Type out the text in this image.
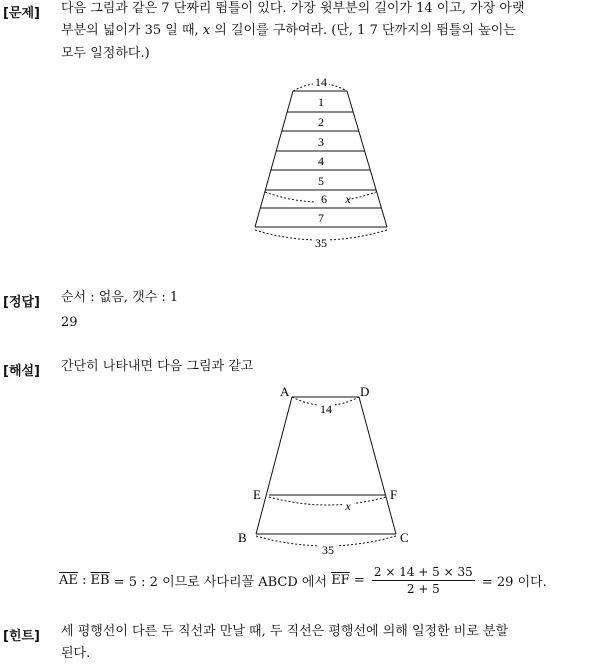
[문제] 다음 그림과 같은 7 단짜리 뜀틀이 있다. 가장 윗부분의 길이가 14 이고, 가장 아랫
부분의 넓이가 35 일 때, x 의 길이를 구하여라. (단, 1 7 단까지의 뜀틀의 높이는
모두 일정하다.)
14
1
2
3
4
5
6 x
7
35
[정답] 순서 : 없음, 갯수 : 1
29
[해설] 간단히 나타내면 다음 그림과 같고
A	D
E	F
B	C
14
x
35
$\overline{AE}$ : $\overline{EB} = 5$ : 2 이므로 사다리꼴 ABCD 에서 $\overline{EF} = \frac{2 \times 14 + 5 \times 35}{2 + 5} = 29$ 이다.
[힌트] 세 평행선이 다른 두 직선과 만날 때, 두 직선은 평행선에 의해 일정한 비로 분할
된다.
